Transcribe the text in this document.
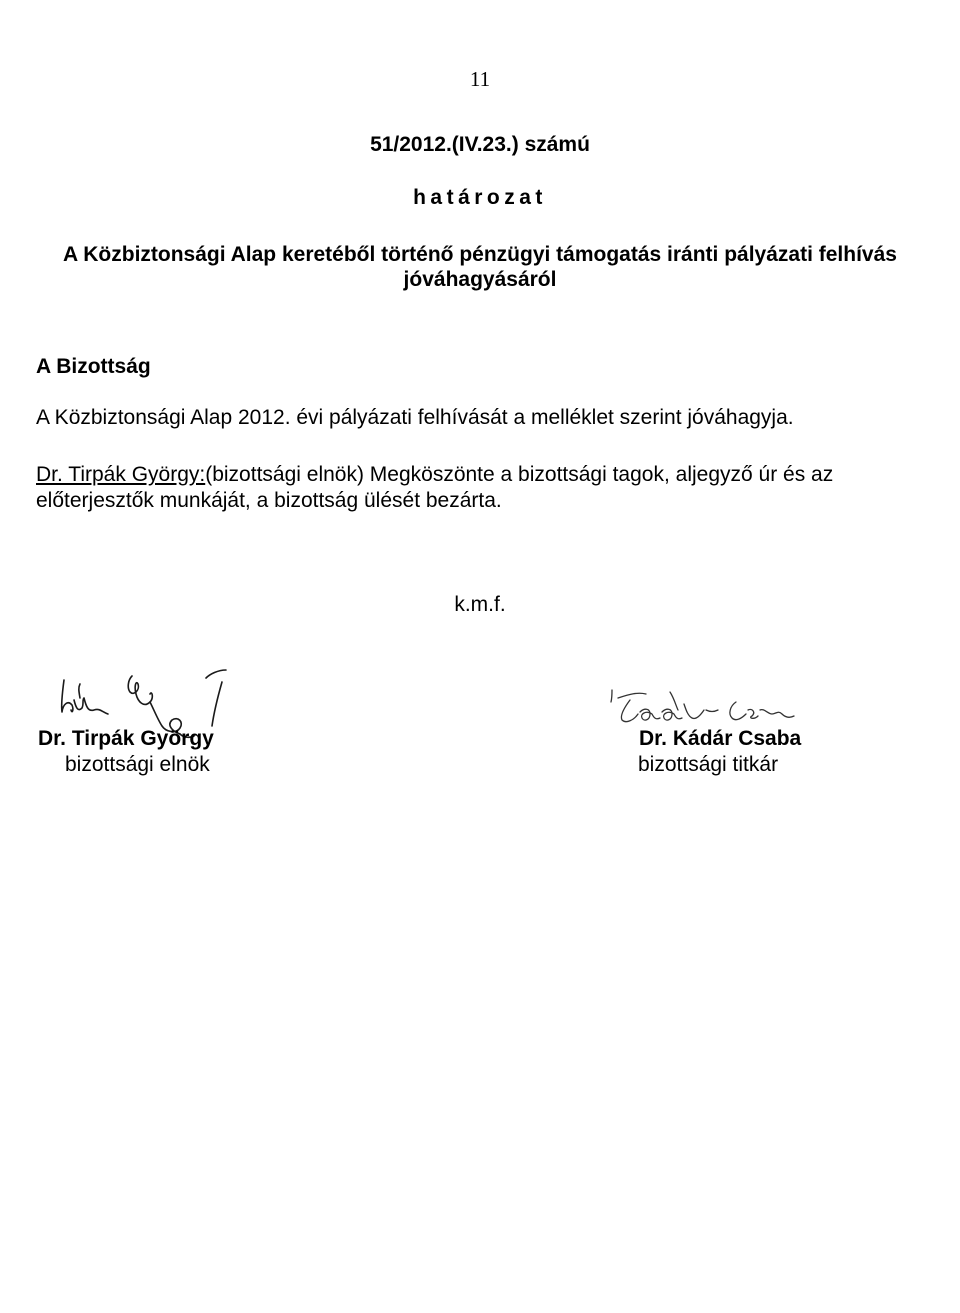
11
51/2012.(IV.23.) számú
határozat
A Közbiztonsági Alap keretéből történő pénzügyi támogatás iránti pályázati felhívás jóváhagyásáról
A Bizottság
A Közbiztonsági Alap 2012. évi pályázati felhívását a melléklet szerint jóváhagyja.
Dr. Tirpák György:(bizottsági elnök) Megköszönte a bizottsági tagok, aljegyző úr és az előterjesztők munkáját, a bizottság ülését bezárta.
k.m.f.
Dr. Tirpák György
bizottsági elnök
Dr. Kádár Csaba
bizottsági titkár
